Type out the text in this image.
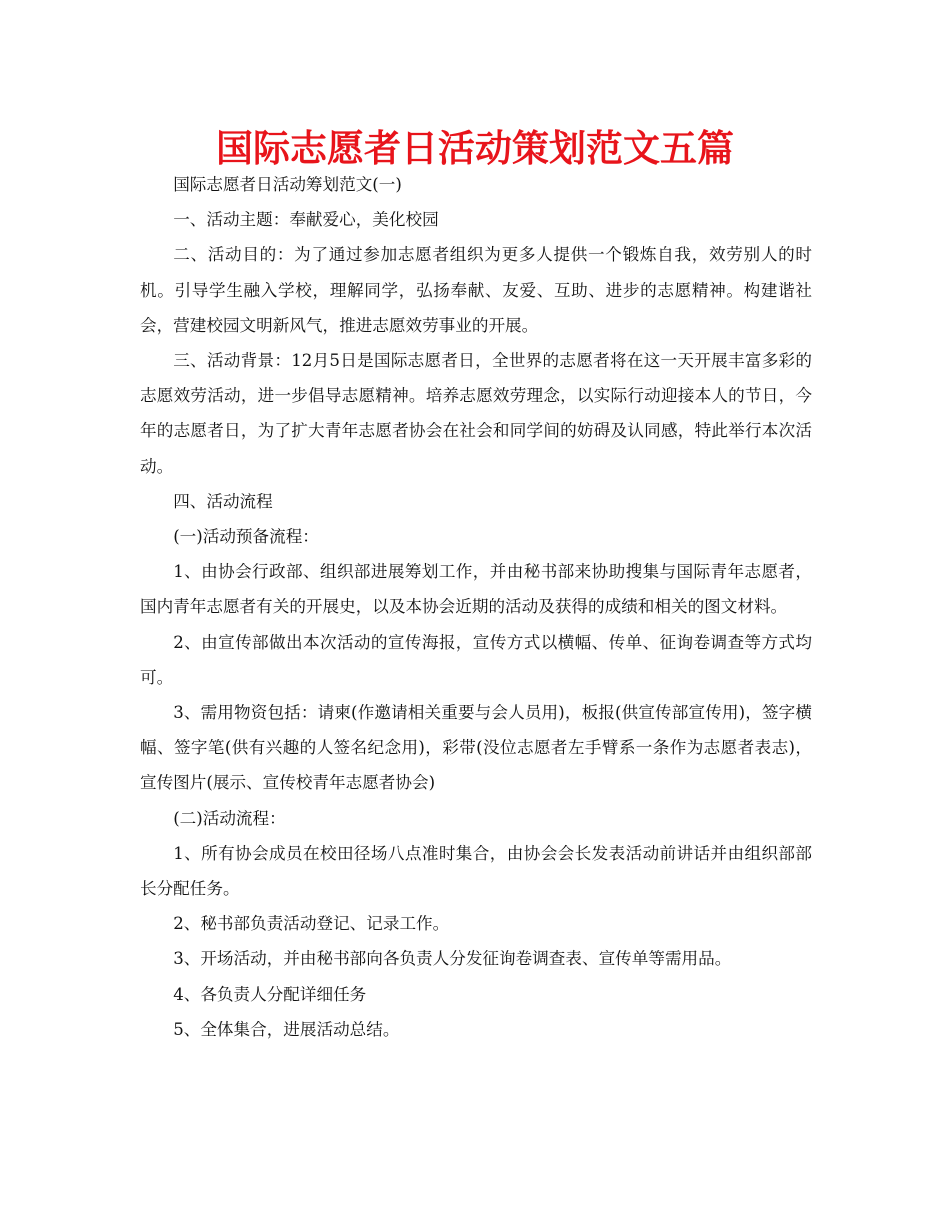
国际志愿者日活动策划范文五篇

国际志愿者日活动筹划范文(一)

一、活动主题：奉献爱心，美化校园

二、活动目的：为了通过参加志愿者组织为更多人提供一个锻炼自我，效劳别人的时机。引导学生融入学校，理解同学，弘扬奉献、友爱、互助、进步的志愿精神。构建谐社会，营建校园文明新风气，推进志愿效劳事业的开展。

三、活动背景：12月5日是国际志愿者日，全世界的志愿者将在这一天开展丰富多彩的志愿效劳活动，进一步倡导志愿精神。培养志愿效劳理念，以实际行动迎接本人的节日，今年的志愿者日，为了扩大青年志愿者协会在社会和同学间的妨碍及认同感，特此举行本次活动。

四、活动流程

(一)活动预备流程：

1、由协会行政部、组织部进展筹划工作，并由秘书部来协助搜集与国际青年志愿者，国内青年志愿者有关的开展史，以及本协会近期的活动及获得的成绩和相关的图文材料。

2、由宣传部做出本次活动的宣传海报，宣传方式以横幅、传单、征询卷调查等方式均可。

3、需用物资包括：请柬(作邀请相关重要与会人员用)，板报(供宣传部宣传用)，签字横幅、签字笔(供有兴趣的人签名纪念用)，彩带(没位志愿者左手臂系一条作为志愿者表志)，宣传图片(展示、宣传校青年志愿者协会)

(二)活动流程：

1、所有协会成员在校田径场八点准时集合，由协会会长发表活动前讲话并由组织部部长分配任务。

2、秘书部负责活动登记、记录工作。

3、开场活动，并由秘书部向各负责人分发征询卷调查表、宣传单等需用品。

4、各负责人分配详细任务

5、全体集合，进展活动总结。
